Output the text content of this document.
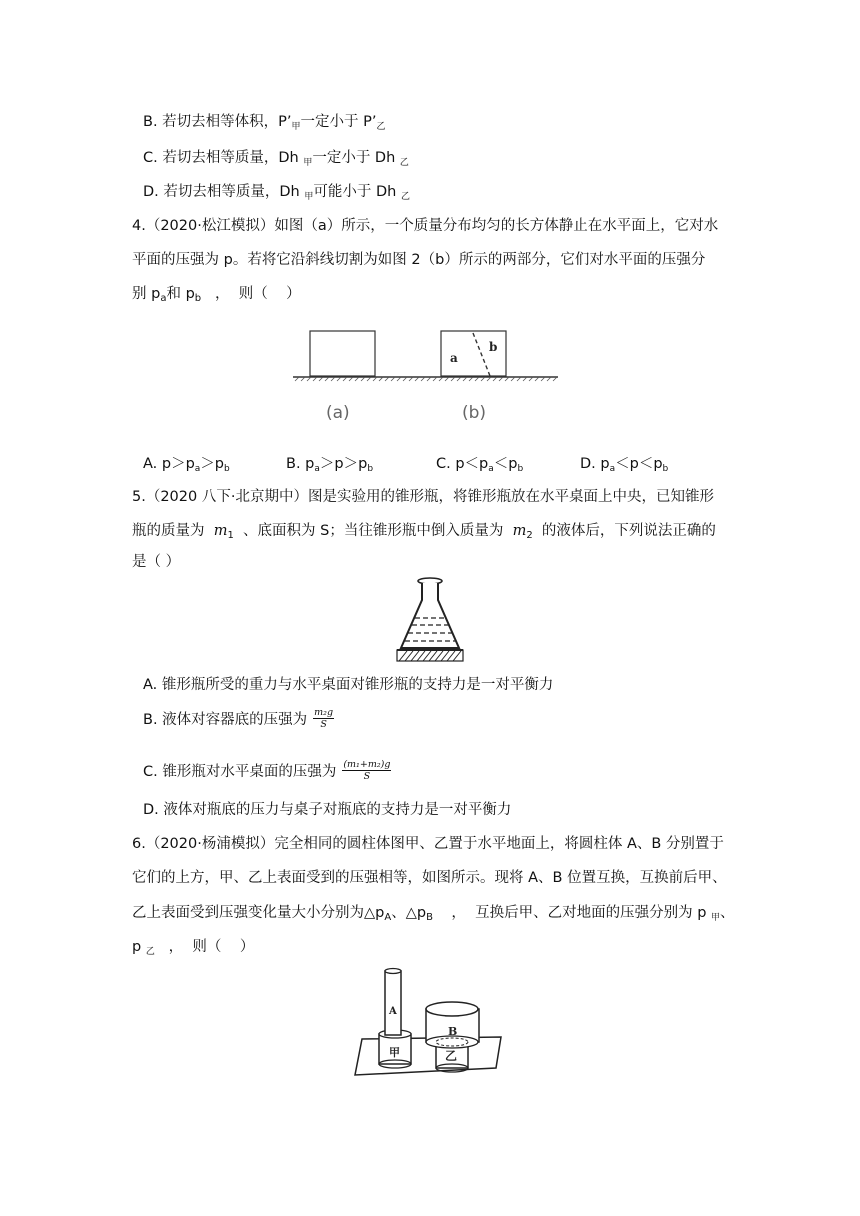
B. 若切去相等体积，$P’_甲$一定小于 $P’_乙$
C. 若切去相等质量，Dh $_甲$一定小于 Dh $_乙$
D. 若切去相等质量，Dh $_甲$可能小于 Dh $_乙$
4.（2020·松江模拟）如图（a）所示，一个质量分布均匀的长方体静止在水平面上，它对水
平面的压强为 p。若将它沿斜线切割为如图 2（b）所示的两部分，它们对水平面的压强分
别 $p_a$和 $p_b$   ，  则（    ）
a
b
(a)	(b)
A. $p>p_a>p_b$	B. $p_a>p>p_b$	C. $p<p_a<p_b$	D. $p_a<p<p_b$
5.（2020 八下·北京期中）图是实验用的锥形瓶，将锥形瓶放在水平桌面上中央，已知锥形
瓶的质量为  $m_1$  、底面积为 S；当往锥形瓶中倒入质量为  $m_2$  的液体后，下列说法正确的
是（ ）
A. 锥形瓶所受的重力与水平桌面对锥形瓶的支持力是一对平衡力
B. 液体对容器底的压强为 $\frac{\text{m₂g}}{S}$
C. 锥形瓶对水平桌面的压强为 $\frac{\text{(m₁+m₂)g}}{S}$
D. 液体对瓶底的压力与桌子对瓶底的支持力是一对平衡力
6.（2020·杨浦模拟）完全相同的圆柱体图甲、乙置于水平地面上，将圆柱体 A、B 分别置于
它们的上方，甲、乙上表面受到的压强相等，如图所示。现将 A、B 位置互换，互换前后甲、
乙上表面受到压强变化量大小分别为$\triangle p_A$、$\triangle p_B$    ，  互换后甲、乙对地面的压强分别为 p $_甲$、
p $_乙$   ，  则（    ）
A
B
甲	乙
